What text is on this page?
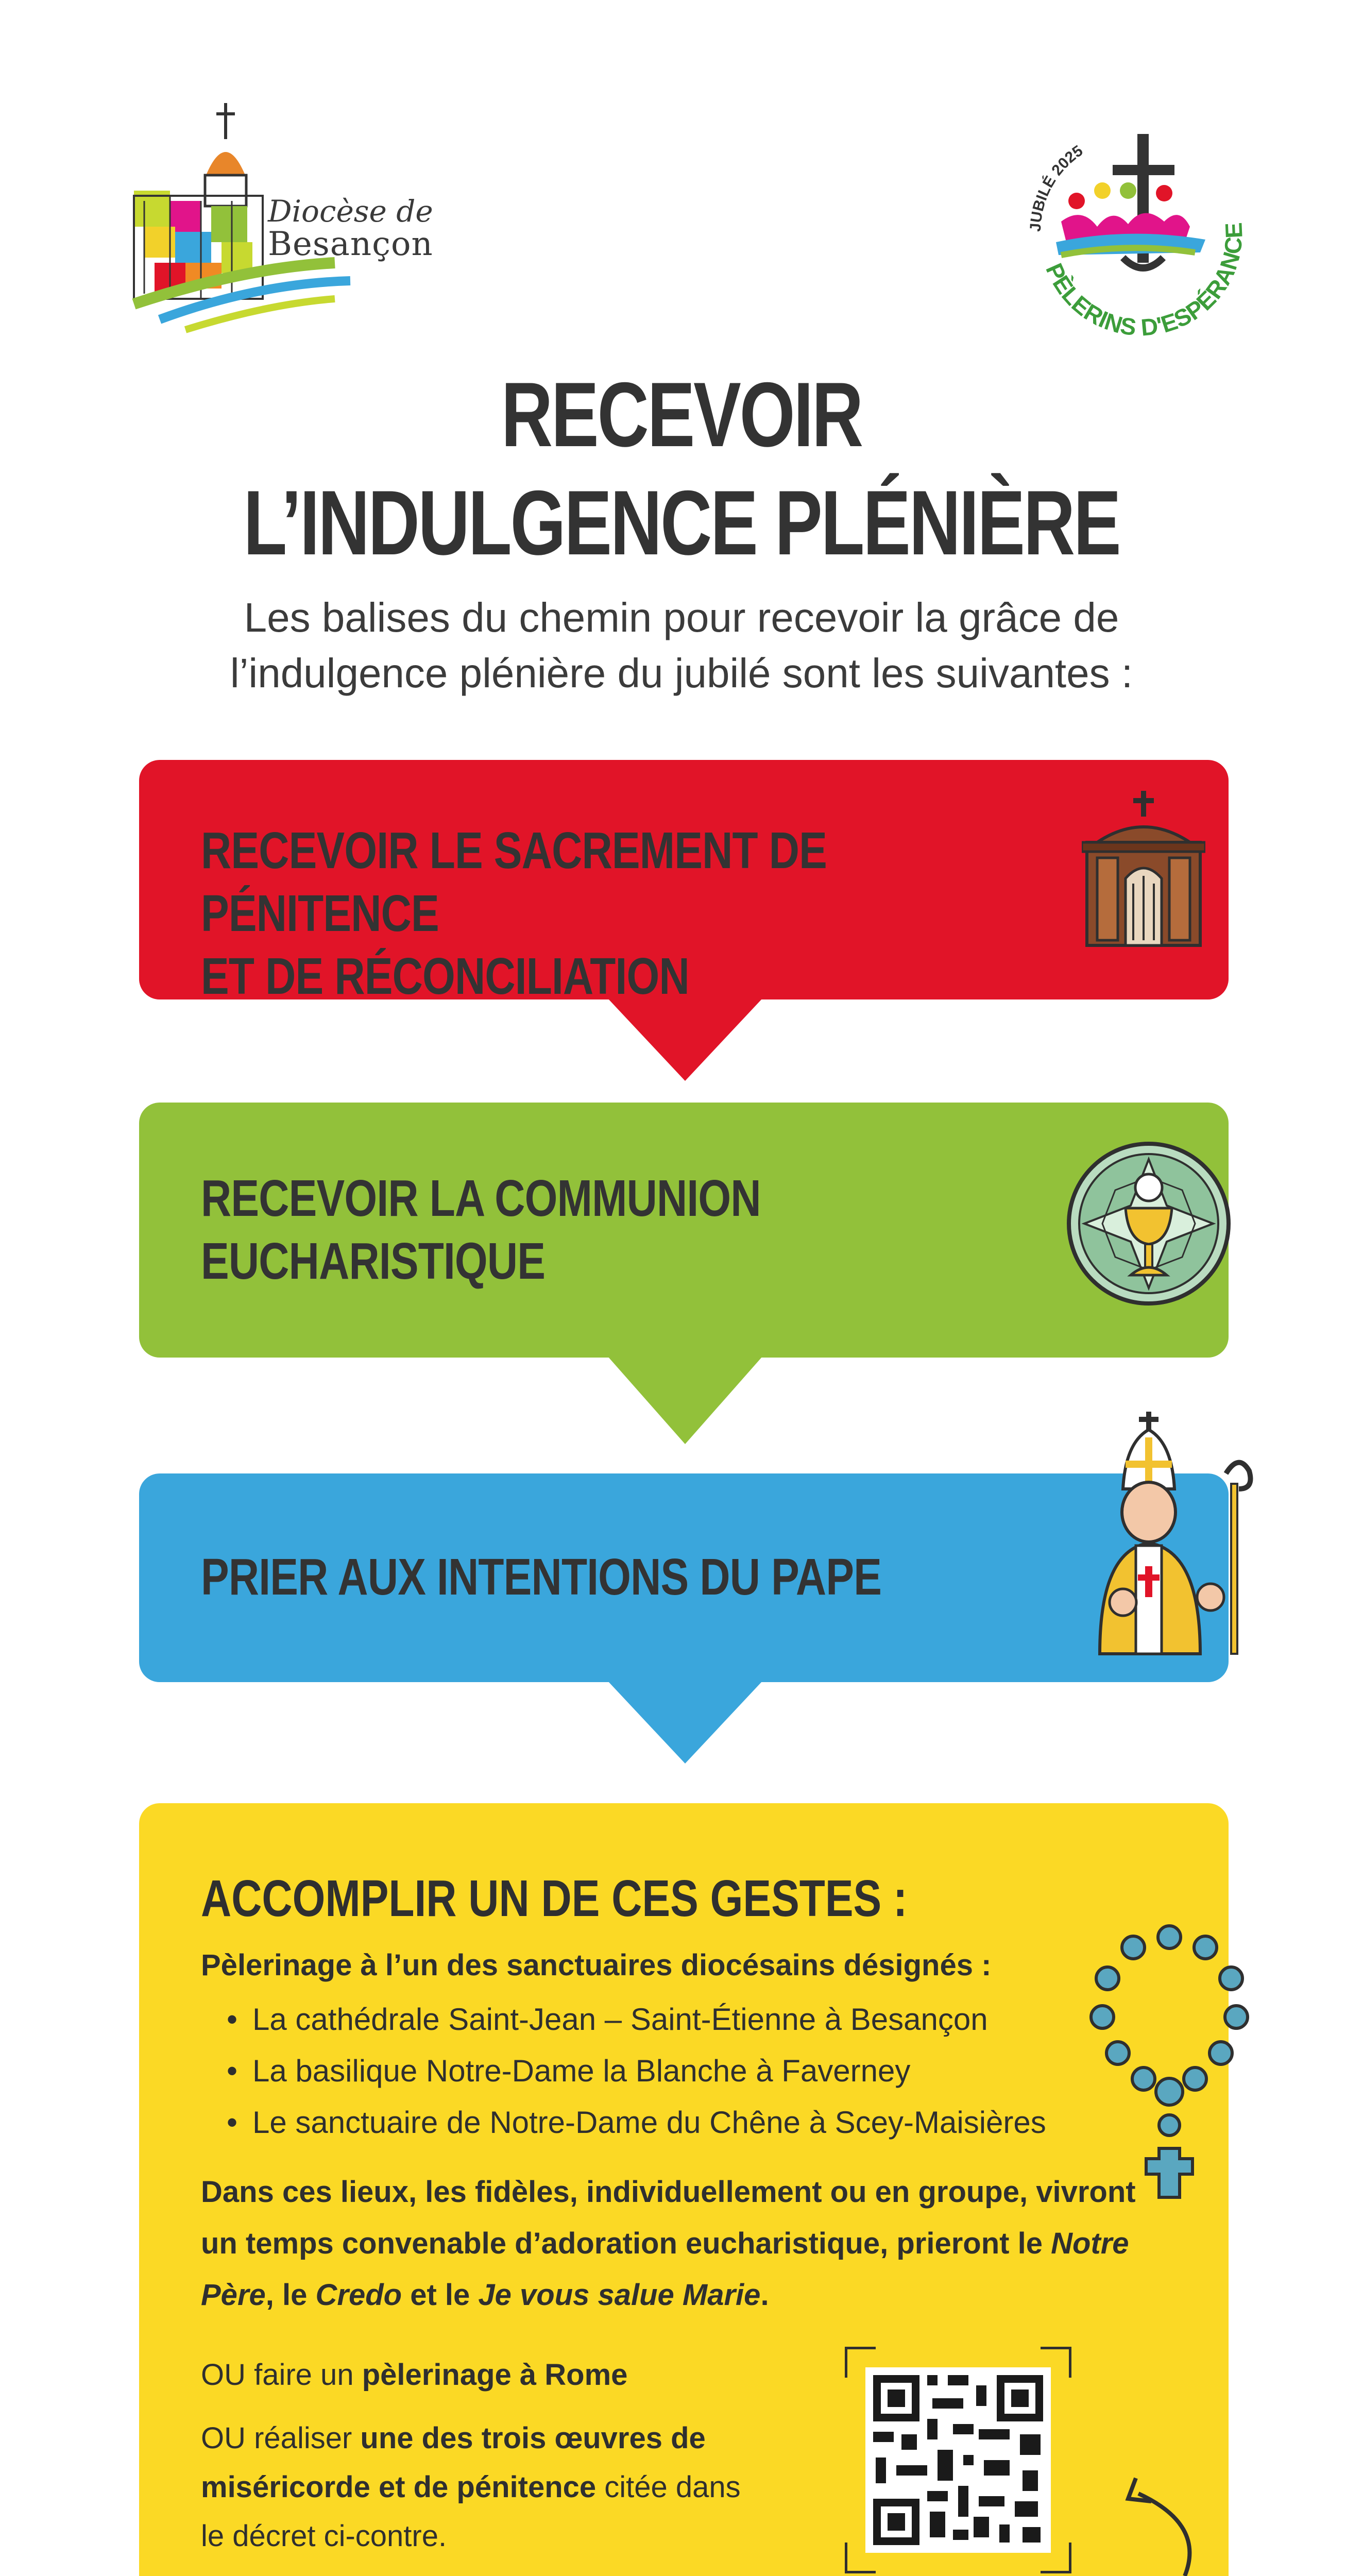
Diocèse de
Besançon	JUBILÉ 2025
PÈLERINS D'ESPÉRANCE
RECEVOIR
L’INDULGENCE PLÉNIÈRE

Les balises du chemin pour recevoir la grâce de
l’indulgence plénière du jubilé sont les suivantes :

RECEVOIR LE SACREMENT DE PÉNITENCE
ET DE RÉCONCILIATION
RECEVOIR LA COMMUNION
EUCHARISTIQUE
PRIER AUX INTENTIONS DU PAPE
ACCOMPLIR UN DE CES GESTES :

Pèlerinage à l’un des sanctuaires diocésains désignés :

• La cathédrale Saint-Jean – Saint-Étienne à Besançon
• La basilique Notre-Dame la Blanche à Faverney
• Le sanctuaire de Notre-Dame du Chêne à Scey-Maisières

Dans ces lieux, les fidèles, individuellement ou en groupe, vivront un temps convenable d’adoration eucharistique, prieront le Notre Père, le Credo et le Je vous salue Marie.

OU faire un pèlerinage à Rome

OU réaliser une des trois œuvres de miséricorde et de pénitence citée dans le décret ci-contre.
